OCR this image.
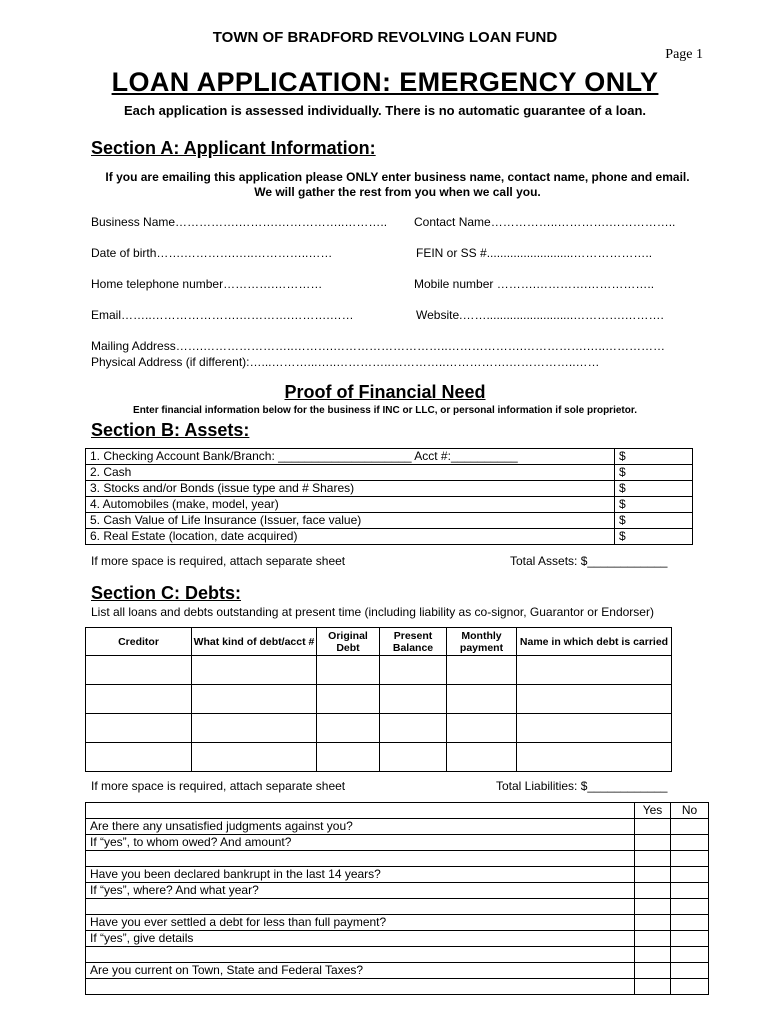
TOWN OF BRADFORD REVOLVING LOAN FUND
Page 1
LOAN APPLICATION: EMERGENCY ONLY
Each application is assessed individually. There is no automatic guarantee of a loan.
Section A: Applicant Information:
If you are emailing this application please ONLY enter business name, contact name, phone and email. We will gather the rest from you when we call you.
Business Name…………….……….……………..……….. Contact Name……………..………….……………..
Date of birth…….………….…..…………..……	FEIN or SS #..........................………………..
Home telephone number………….…………	Mobile number ……….………….……………..
Email……..………………….………….……….……	Website.……..........................………….……….
Mailing Address…….…………………..……….………………………..……………….…………….…..……………
Physical Address (if different):…...………...…..…………..…………..…………….……………..……
Proof of Financial Need
Enter financial information below for the business if INC or LLC, or personal information if sole proprietor.
Section B: Assets:
1. Checking Account Bank/Branch: ____________________ Acct #:__________	$
2. Cash	$
3. Stocks and/or Bonds (issue type and # Shares)	$
4. Automobiles (make, model, year)	$
5. Cash Value of Life Insurance (Issuer, face value)	$
6. Real Estate (location, date acquired)	$
If more space is required, attach separate sheet	Total Assets: $____________
Section C: Debts:
List all loans and debts outstanding at present time (including liability as co-signor, Guarantor or Endorser)
Creditor	What kind of debt/acct #	Original Debt	Present Balance	Monthly payment	Name in which debt is carried

If more space is required, attach separate sheet	Total Liabilities: $____________
	Yes	No
Are there any unsatisfied judgments against you?		
If “yes”, to whom owed? And amount?		

Have you been declared bankrupt in the last 14 years?		
If “yes”, where? And what year?		

Have you ever settled a debt for less than full payment?		
If “yes”, give details		

Are you current on Town, State and Federal Taxes?		
